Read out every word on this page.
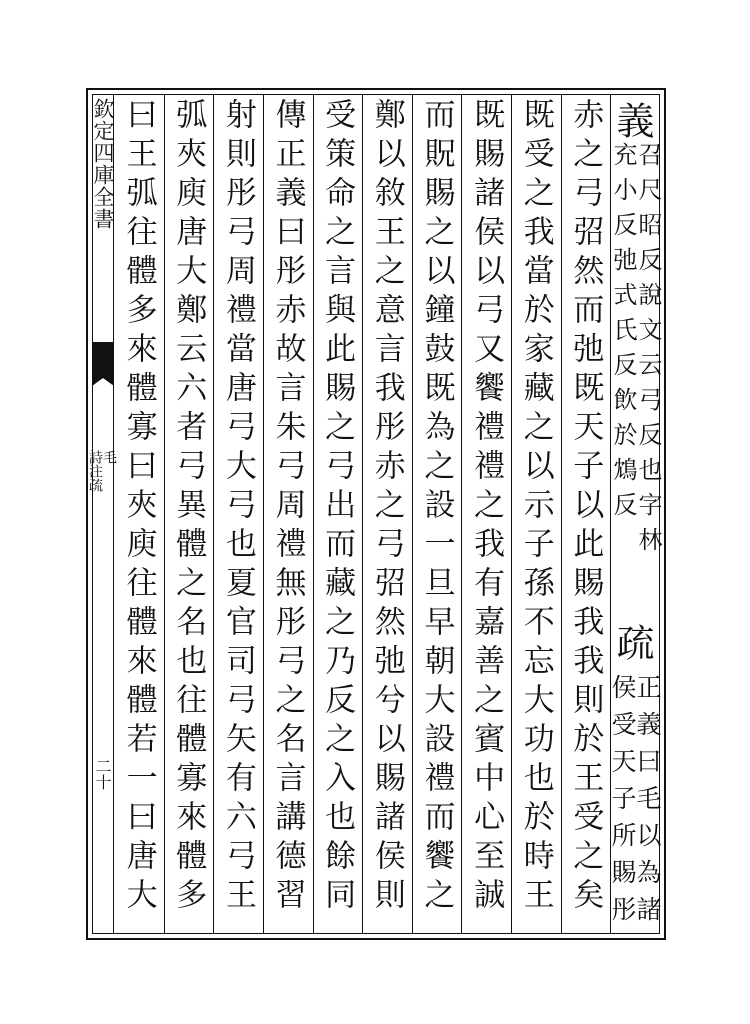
欽定四庫全書
毛
詩注疏
二十
義
召尺昭反說文云弓反也字林
充小反弛式氏反飲於鴆反
疏
正義曰毛以為諸
侯受天子所賜彤
赤之弓弨然而弛既天子以此賜我我則於王受之矣
既受之我當於家藏之以示子孫不忘大功也於時王
既賜諸侯以弓又饗禮禮之我有嘉善之賓中心至誠
而貺賜之以鐘鼓既為之設一旦早朝大設禮而饗之
鄭以敘王之意言我彤赤之弓弨然弛兮以賜諸侯則
受策命之言與此賜之弓出而藏之乃反之入也餘同
傳正義曰彤赤故言朱弓周禮無彤弓之名言講德習
射則彤弓周禮當唐弓大弓也夏官司弓矢有六弓王
弧夾庾唐大鄭云六者弓異體之名也往體寡來體多
曰王弧往體多來體寡曰夾庾往體來體若一曰唐大
